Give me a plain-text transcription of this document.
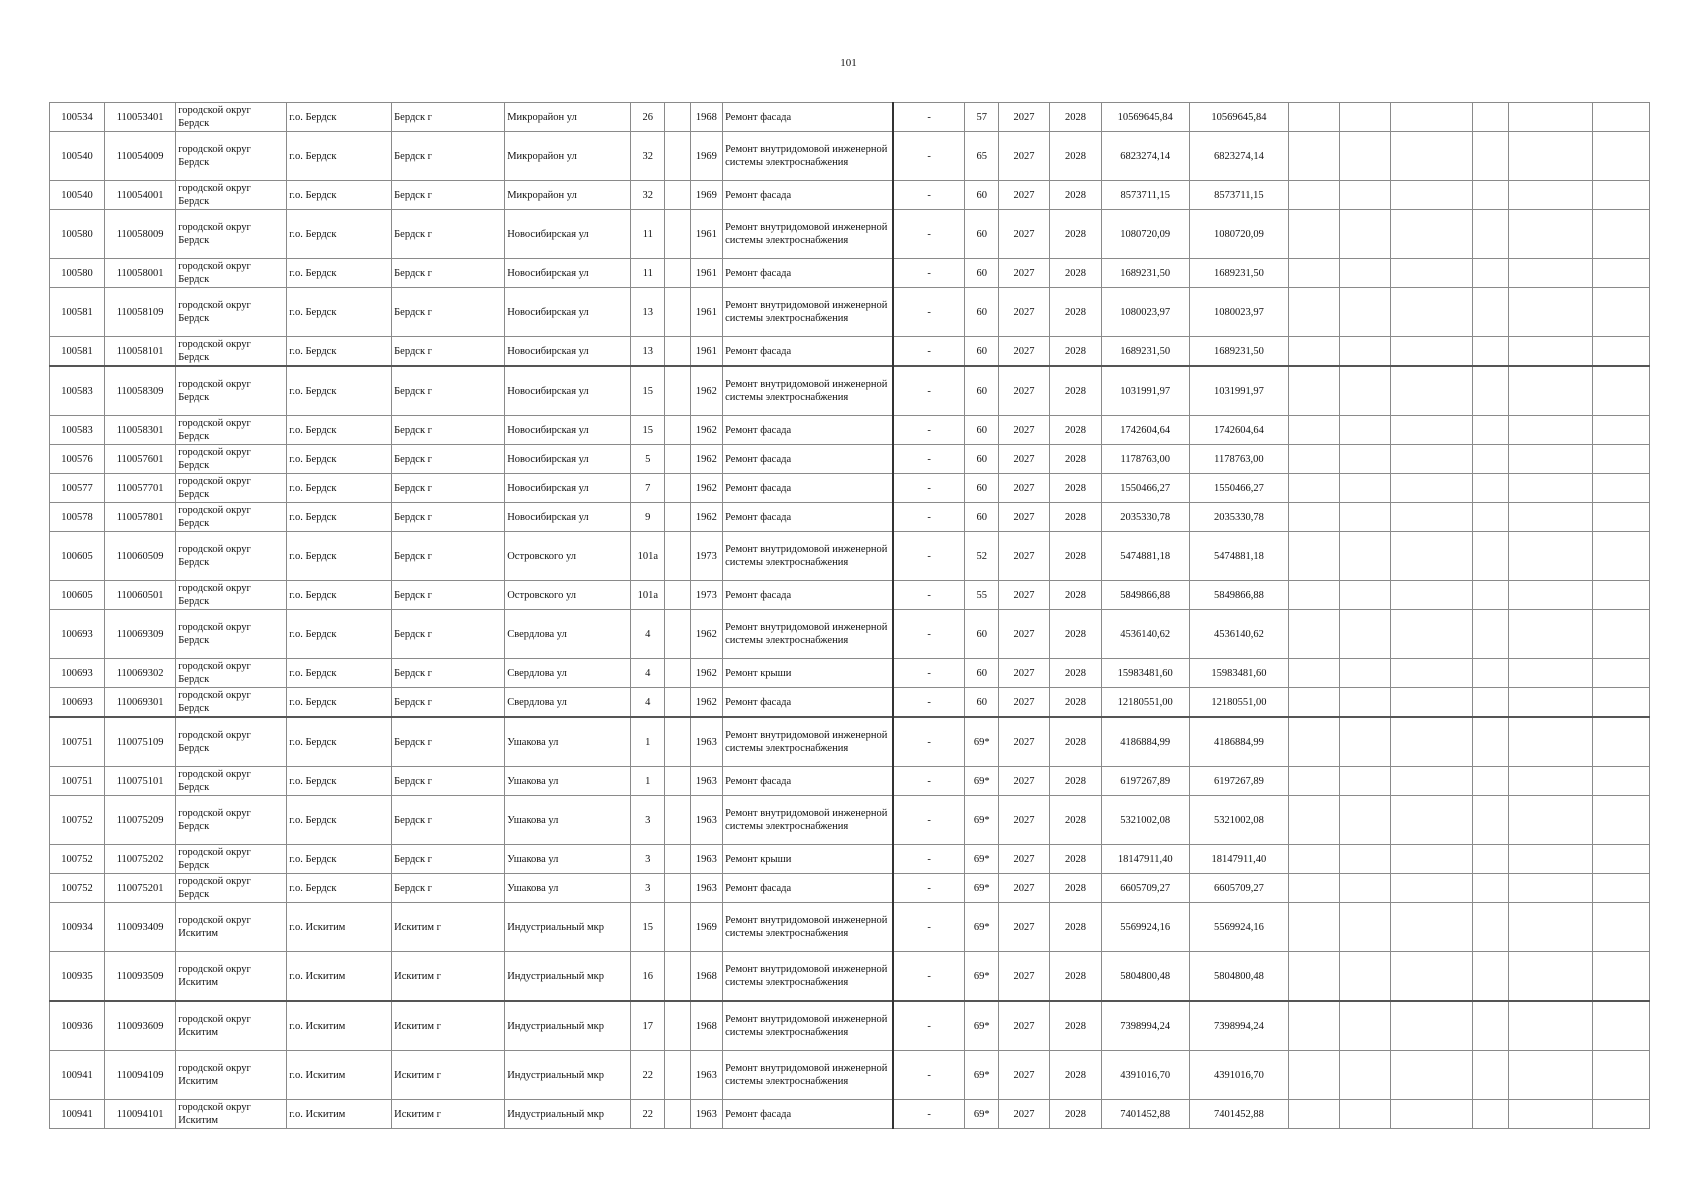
101
100534	110053401	городской округ Бердск	г.о. Бердск	Бердск г	Микрорайон ул	26		1968	Ремонт фасада	-	57	2027	2028	10569645,84	10569645,84						
100540	110054009	городской округ Бердск	г.о. Бердск	Бердск г	Микрорайон ул	32		1969	Ремонт внутридомовой инженерной системы электроснабжения	-	65	2027	2028	6823274,14	6823274,14						
100540	110054001	городской округ Бердск	г.о. Бердск	Бердск г	Микрорайон ул	32		1969	Ремонт фасада	-	60	2027	2028	8573711,15	8573711,15						
100580	110058009	городской округ Бердск	г.о. Бердск	Бердск г	Новосибирская ул	11		1961	Ремонт внутридомовой инженерной системы электроснабжения	-	60	2027	2028	1080720,09	1080720,09						
100580	110058001	городской округ Бердск	г.о. Бердск	Бердск г	Новосибирская ул	11		1961	Ремонт фасада	-	60	2027	2028	1689231,50	1689231,50						
100581	110058109	городской округ Бердск	г.о. Бердск	Бердск г	Новосибирская ул	13		1961	Ремонт внутридомовой инженерной системы электроснабжения	-	60	2027	2028	1080023,97	1080023,97						
100581	110058101	городской округ Бердск	г.о. Бердск	Бердск г	Новосибирская ул	13		1961	Ремонт фасада	-	60	2027	2028	1689231,50	1689231,50						
100583	110058309	городской округ Бердск	г.о. Бердск	Бердск г	Новосибирская ул	15		1962	Ремонт внутридомовой инженерной системы электроснабжения	-	60	2027	2028	1031991,97	1031991,97						
100583	110058301	городской округ Бердск	г.о. Бердск	Бердск г	Новосибирская ул	15		1962	Ремонт фасада	-	60	2027	2028	1742604,64	1742604,64						
100576	110057601	городской округ Бердск	г.о. Бердск	Бердск г	Новосибирская ул	5		1962	Ремонт фасада	-	60	2027	2028	1178763,00	1178763,00						
100577	110057701	городской округ Бердск	г.о. Бердск	Бердск г	Новосибирская ул	7		1962	Ремонт фасада	-	60	2027	2028	1550466,27	1550466,27						
100578	110057801	городской округ Бердск	г.о. Бердск	Бердск г	Новосибирская ул	9		1962	Ремонт фасада	-	60	2027	2028	2035330,78	2035330,78						
100605	110060509	городской округ Бердск	г.о. Бердск	Бердск г	Островского ул	101а		1973	Ремонт внутридомовой инженерной системы электроснабжения	-	52	2027	2028	5474881,18	5474881,18						
100605	110060501	городской округ Бердск	г.о. Бердск	Бердск г	Островского ул	101а		1973	Ремонт фасада	-	55	2027	2028	5849866,88	5849866,88						
100693	110069309	городской округ Бердск	г.о. Бердск	Бердск г	Свердлова ул	4		1962	Ремонт внутридомовой инженерной системы электроснабжения	-	60	2027	2028	4536140,62	4536140,62						
100693	110069302	городской округ Бердск	г.о. Бердск	Бердск г	Свердлова ул	4		1962	Ремонт крыши	-	60	2027	2028	15983481,60	15983481,60						
100693	110069301	городской округ Бердск	г.о. Бердск	Бердск г	Свердлова ул	4		1962	Ремонт фасада	-	60	2027	2028	12180551,00	12180551,00						
100751	110075109	городской округ Бердск	г.о. Бердск	Бердск г	Ушакова ул	1		1963	Ремонт внутридомовой инженерной системы электроснабжения	-	69*	2027	2028	4186884,99	4186884,99						
100751	110075101	городской округ Бердск	г.о. Бердск	Бердск г	Ушакова ул	1		1963	Ремонт фасада	-	69*	2027	2028	6197267,89	6197267,89						
100752	110075209	городской округ Бердск	г.о. Бердск	Бердск г	Ушакова ул	3		1963	Ремонт внутридомовой инженерной системы электроснабжения	-	69*	2027	2028	5321002,08	5321002,08						
100752	110075202	городской округ Бердск	г.о. Бердск	Бердск г	Ушакова ул	3		1963	Ремонт крыши	-	69*	2027	2028	18147911,40	18147911,40						
100752	110075201	городской округ Бердск	г.о. Бердск	Бердск г	Ушакова ул	3		1963	Ремонт фасада	-	69*	2027	2028	6605709,27	6605709,27						
100934	110093409	городской округ Искитим	г.о. Искитим	Искитим г	Индустриальный мкр	15		1969	Ремонт внутридомовой инженерной системы электроснабжения	-	69*	2027	2028	5569924,16	5569924,16						
100935	110093509	городской округ Искитим	г.о. Искитим	Искитим г	Индустриальный мкр	16		1968	Ремонт внутридомовой инженерной системы электроснабжения	-	69*	2027	2028	5804800,48	5804800,48						
100936	110093609	городской округ Искитим	г.о. Искитим	Искитим г	Индустриальный мкр	17		1968	Ремонт внутридомовой инженерной системы электроснабжения	-	69*	2027	2028	7398994,24	7398994,24						
100941	110094109	городской округ Искитим	г.о. Искитим	Искитим г	Индустриальный мкр	22		1963	Ремонт внутридомовой инженерной системы электроснабжения	-	69*	2027	2028	4391016,70	4391016,70						
100941	110094101	городской округ Искитим	г.о. Искитим	Искитим г	Индустриальный мкр	22		1963	Ремонт фасада	-	69*	2027	2028	7401452,88	7401452,88						
